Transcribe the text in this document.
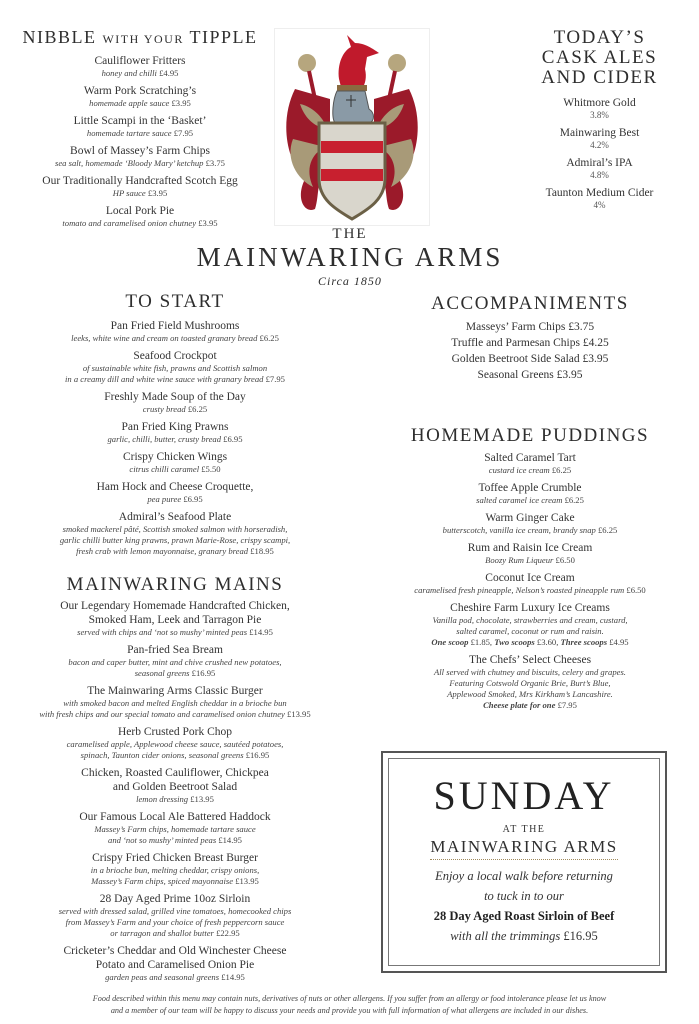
NIBBLE WITH YOUR TIPPLE
Cauliflower Fritters
honey and chilli £4.95
Warm Pork Scratching’s
homemade apple sauce £3.95
Little Scampi in the ‘Basket’
homemade tartare sauce £7.95
Bowl of Massey’s Farm Chips
sea salt, homemade ‘Bloody Mary’ ketchup £3.75
Our Traditionally Handcrafted Scotch Egg
HP sauce £3.95
Local Pork Pie
tomato and caramelised onion chutney £3.95
TODAY’S
CASK ALES
AND CIDER
Whitmore Gold
3.8%
Mainwaring Best
4.2%
Admiral’s IPA
4.8%
Taunton Medium Cider
4%
THE
MAINWARING ARMS
Circa 1850
TO START
Pan Fried Field Mushrooms
leeks, white wine and cream on toasted granary bread £6.25
Seafood Crockpot
of sustainable white fish, prawns and Scottish salmon
in a creamy dill and white wine sauce with granary bread £7.95
Freshly Made Soup of the Day
crusty bread £6.25
Pan Fried King Prawns
garlic, chilli, butter, crusty bread £6.95
Crispy Chicken Wings
citrus chilli caramel £5.50
Ham Hock and Cheese Croquette,
pea puree £6.95
Admiral’s Seafood Plate
smoked mackerel pâté, Scottish smoked salmon with horseradish,
garlic chilli butter king prawns, prawn Marie-Rose, crispy scampi,
fresh crab with lemon mayonnaise, granary bread £18.95
MAINWARING MAINS
Our Legendary Homemade Handcrafted Chicken,
Smoked Ham, Leek and Tarragon Pie
served with chips and ‘not so mushy’ minted peas £14.95
Pan-fried Sea Bream
bacon and caper butter, mint and chive crushed new potatoes,
seasonal greens £16.95
The Mainwaring Arms Classic Burger
with smoked bacon and melted English cheddar in a brioche bun
with fresh chips and our special tomato and caramelised onion chutney £13.95
Herb Crusted Pork Chop
caramelised apple, Applewood cheese sauce, sautéed potatoes,
spinach, Taunton cider onions, seasonal greens £16.95
Chicken, Roasted Cauliflower, Chickpea
and Golden Beetroot Salad
lemon dressing £13.95
Our Famous Local Ale Battered Haddock
Massey’s Farm chips, homemade tartare sauce
and ‘not so mushy’ minted peas £14.95
Crispy Fried Chicken Breast Burger
in a brioche bun, melting cheddar, crispy onions,
Massey’s Farm chips, spiced mayonnaise £13.95
28 Day Aged Prime 10oz Sirloin
served with dressed salad, grilled vine tomatoes, homecooked chips
from Massey’s Farm and your choice of fresh peppercorn sauce
or tarragon and shallot butter £22.95
Cricketer’s Cheddar and Old Winchester Cheese
Potato and Caramelised Onion Pie
garden peas and seasonal greens £14.95
ACCOMPANIMENTS
Masseys’ Farm Chips £3.75
Truffle and Parmesan Chips £4.25
Golden Beetroot Side Salad £3.95
Seasonal Greens £3.95
HOMEMADE PUDDINGS
Salted Caramel Tart
custard ice cream £6.25
Toffee Apple Crumble
salted caramel ice cream £6.25
Warm Ginger Cake
butterscotch, vanilla ice cream, brandy snap £6.25
Rum and Raisin Ice Cream
Boozy Rum Liqueur £6.50
Coconut Ice Cream
caramelised fresh pineapple, Nelson’s roasted pineapple rum £6.50
Cheshire Farm Luxury Ice Creams
Vanilla pod, chocolate, strawberries and cream, custard,
salted caramel, coconut or rum and raisin.
One scoop £1.85, Two scoops £3.60, Three scoops £4.95
The Chefs’ Select Cheeses
All served with chutney and biscuits, celery and grapes.
Featuring Cotswold Organic Brie, Burt’s Blue,
Applewood Smoked, Mrs Kirkham’s Lancashire.
Cheese plate for one £7.95
SUNDAY
AT THE
MAINWARING ARMS
Enjoy a local walk before returning
to tuck in to our
28 Day Aged Roast Sirloin of Beef
with all the trimmings £16.95
Food described within this menu may contain nuts, derivatives of nuts or other allergens. If you suffer from an allergy or food intolerance please let us know
and a member of our team will be happy to discuss your needs and provide you with full information of what allergens are included in our dishes.
